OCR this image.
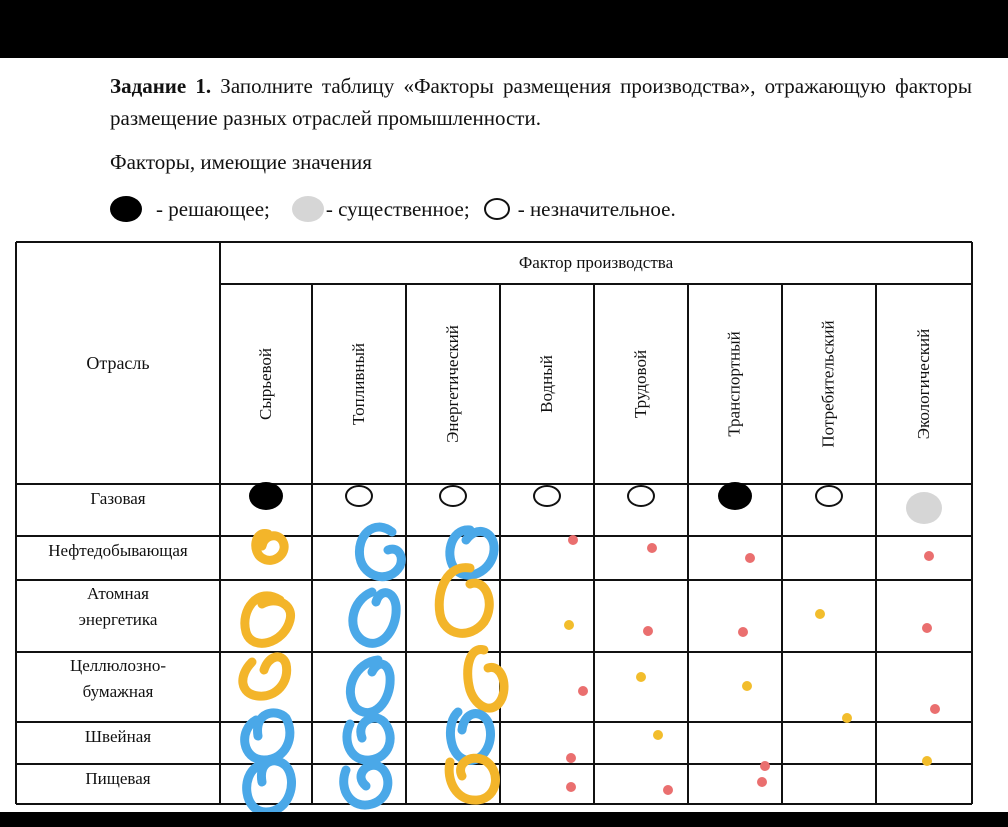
Задание 1. Заполните таблицу «Факторы размещения производства», отражающую факторы размещение разных отраслей промышленности.
Факторы, имеющие значения
- решающее;	- существенное; - незначительное.
Фактор производства
Отрасль	Сырьевой	Топливный	Энергетический	Водный	Трудовой	Транспортный	Потребительский	Экологический
Газовая
Нефтедобывающая
Атомная
энергетика
Целлюлозно-
бумажная
Швейная
Пищевая
